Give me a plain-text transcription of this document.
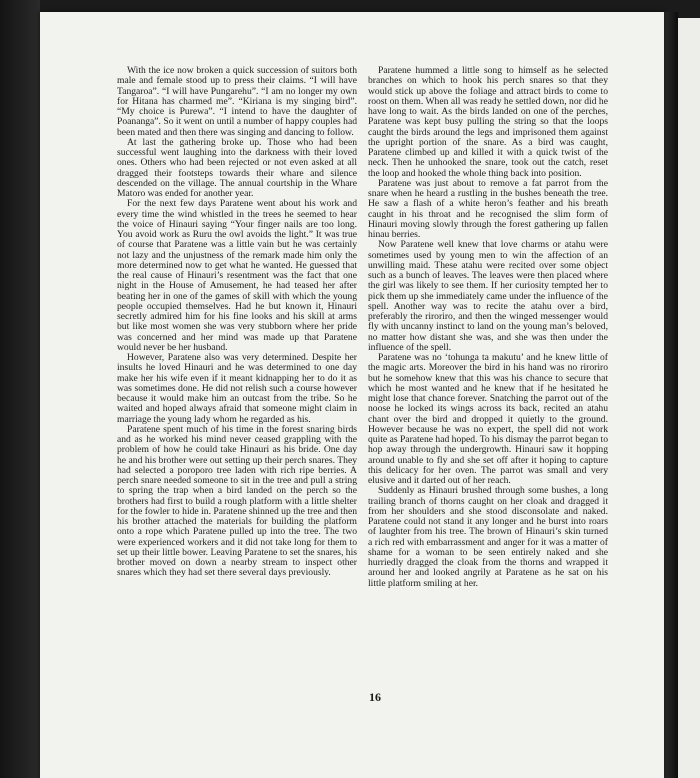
With the ice now broken a quick succession of suitors both male and female stood up to press their claims. “I will have Tangaroa”. “I will have Pungarehu”. “I am no longer my own for Hitana has charmed me”. “Kiriana is my singing bird”. “My choice is Purewa”. “I intend to have the daughter of Poananga”. So it went on until a number of happy couples had been mated and then there was singing and dancing to follow.

At last the gathering broke up. Those who had been successful went laughing into the darkness with their loved ones. Others who had been rejected or not even asked at all dragged their footsteps towards their whare and silence descended on the village. The annual courtship in the Whare Matoro was ended for another year.

For the next few days Paratene went about his work and every time the wind whistled in the trees he seemed to hear the voice of Hinauri saying “Your finger nails are too long. You avoid work as Ruru the owl avoids the light.” It was true of course that Paratene was a little vain but he was certainly not lazy and the unjustness of the remark made him only the more determined now to get what he wanted. He guessed that the real cause of Hinauri’s resentment was the fact that one night in the House of Amusement, he had teased her after beating her in one of the games of skill with which the young people occupied themselves. Had he but known it, Hinauri secretly admired him for his fine looks and his skill at arms but like most women she was very stubborn where her pride was concerned and her mind was made up that Paratene would never be her husband.

However, Paratene also was very determined. Despite her insults he loved Hinauri and he was determined to one day make her his wife even if it meant kidnapping her to do it as was sometimes done. He did not relish such a course however because it would make him an outcast from the tribe. So he waited and hoped always afraid that someone might claim in marriage the young lady whom he regarded as his.

Paratene spent much of his time in the forest snaring birds and as he worked his mind never ceased grappling with the problem of how he could take Hinauri as his bride. One day he and his brother were out setting up their perch snares. They had selected a poroporo tree laden with rich ripe berries. A perch snare needed someone to sit in the tree and pull a string to spring the trap when a bird landed on the perch so the brothers had first to build a rough platform with a little shelter for the fowler to hide in. Paratene shinned up the tree and then his brother attached the materials for building the platform onto a rope which Paratene pulled up into the tree. The two were experienced workers and it did not take long for them to set up their little bower. Leaving Paratene to set the snares, his brother moved on down a nearby stream to inspect other snares which they had set there several days previously.

Paratene hummed a little song to himself as he selected branches on which to hook his perch snares so that they would stick up above the foliage and attract birds to come to roost on them. When all was ready he settled down, nor did he have long to wait. As the birds landed on one of the perches, Paratene was kept busy pulling the string so that the loops caught the birds around the legs and imprisoned them against the upright portion of the snare. As a bird was caught, Paratene climbed up and killed it with a quick twist of the neck. Then he unhooked the snare, took out the catch, reset the loop and hooked the whole thing back into position.

Paratene was just about to remove a fat parrot from the snare when he heard a rustling in the bushes beneath the tree. He saw a flash of a white heron’s feather and his breath caught in his throat and he recognised the slim form of Hinauri moving slowly through the forest gathering up fallen hinau berries.

Now Paratene well knew that love charms or atahu were sometimes used by young men to win the affection of an unwilling maid. These atahu were recited over some object such as a bunch of leaves. The leaves were then placed where the girl was likely to see them. If her curiosity tempted her to pick them up she immediately came under the influence of the spell. Another way was to recite the atahu over a bird, preferably the riroriro, and then the winged messenger would fly with uncanny instinct to land on the young man’s beloved, no matter how distant she was, and she was then under the influence of the spell.

Paratene was no ‘tohunga ta makutu’ and he knew little of the magic arts. Moreover the bird in his hand was no riroriro but he somehow knew that this was his chance to secure that which he most wanted and he knew that if he hesitated he might lose that chance forever. Snatching the parrot out of the noose he locked its wings across its back, recited an atahu chant over the bird and dropped it quietly to the ground. However because he was no expert, the spell did not work quite as Paratene had hoped. To his dismay the parrot began to hop away through the undergrowth. Hinauri saw it hopping around unable to fly and she set off after it hoping to capture this delicacy for her oven. The parrot was small and very elusive and it darted out of her reach.

Suddenly as Hinauri brushed through some bushes, a long trailing branch of thorns caught on her cloak and dragged it from her shoulders and she stood disconsolate and naked. Paratene could not stand it any longer and he burst into roars of laughter from his tree. The brown of Hinauri’s skin turned a rich red with embarrassment and anger for it was a matter of shame for a woman to be seen entirely naked and she hurriedly dragged the cloak from the thorns and wrapped it around her and looked angrily at Paratene as he sat on his little platform smiling at her.

16
